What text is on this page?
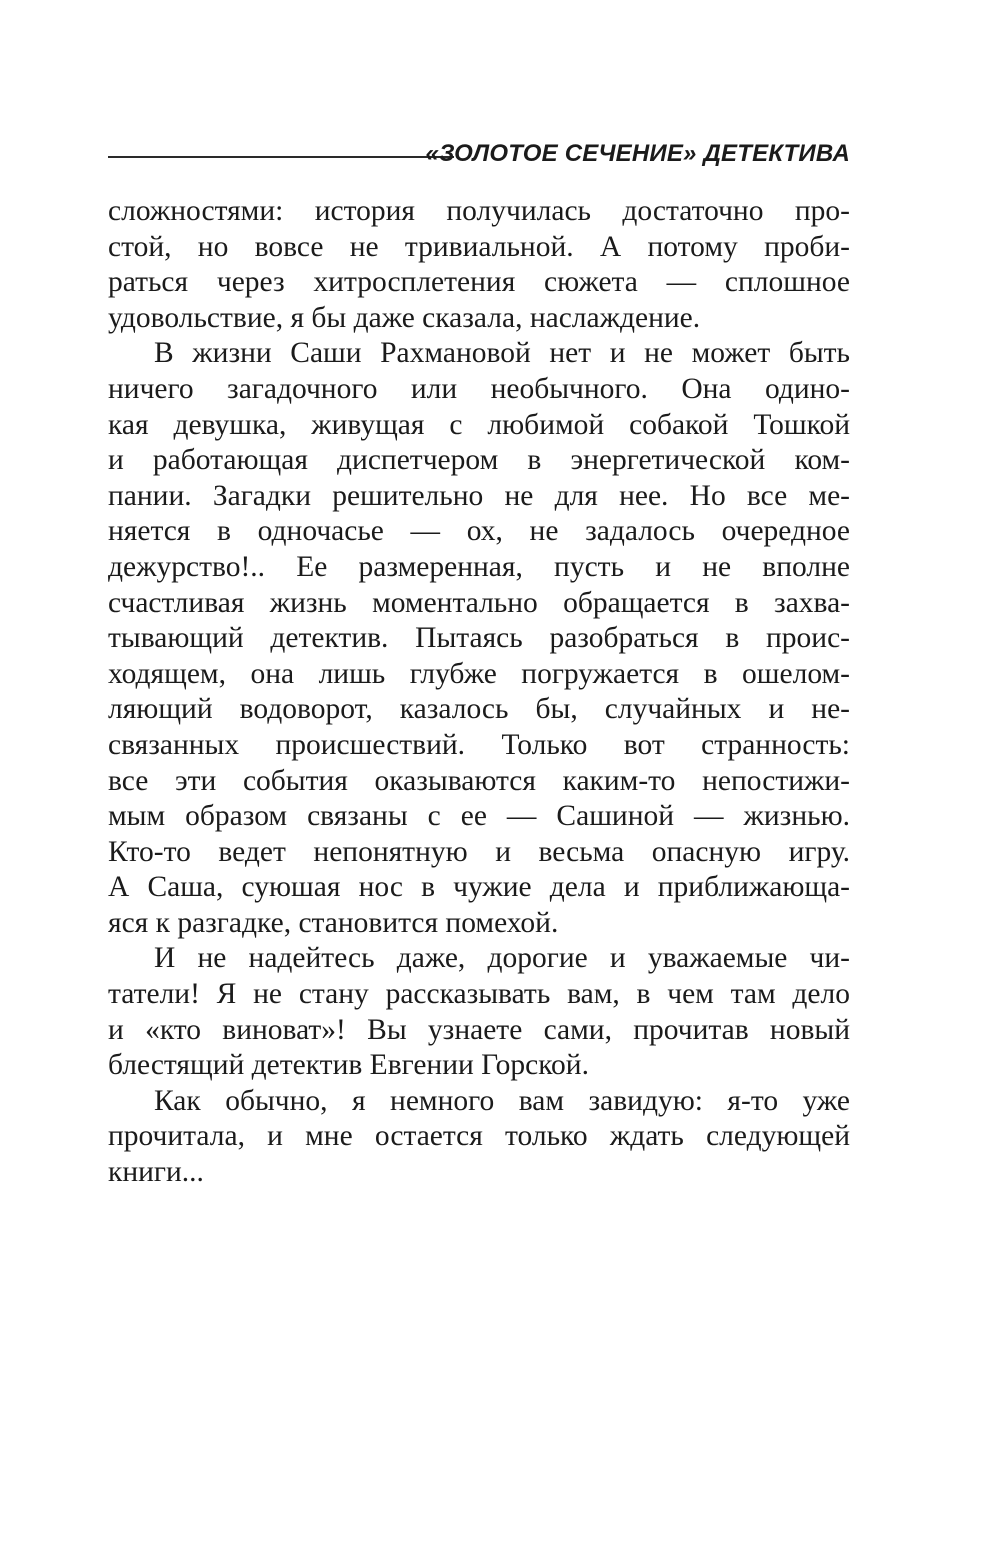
«ЗОЛОТОЕ СЕЧЕНИЕ» ДЕТЕКТИВА
сложностями: история получилась достаточно про-
стой, но вовсе не тривиальной. А потому проби-
раться через хитросплетения сюжета — сплошное
удовольствие, я бы даже сказала, наслаждение.
В жизни Саши Рахмановой нет и не может быть
ничего загадочного или необычного. Она одино-
кая девушка, живущая с любимой собакой Тошкой
и работающая диспетчером в энергетической ком-
пании. Загадки решительно не для нее. Но все ме-
няется в одночасье — ох, не задалось очередное
дежурство!.. Ее размеренная, пусть и не вполне
счастливая жизнь моментально обращается в захва-
тывающий детектив. Пытаясь разобраться в проис-
ходящем, она лишь глубже погружается в ошелом-
ляющий водоворот, казалось бы, случайных и не-
связанных происшествий. Только вот странность:
все эти события оказываются каким-то непостижи-
мым образом связаны с ее — Сашиной — жизнью.
Кто-то ведет непонятную и весьма опасную игру.
А Саша, суюшая нос в чужие дела и приближающа-
яся к разгадке, становится помехой.
И не надейтесь даже, дорогие и уважаемые чи-
татели! Я не стану рассказывать вам, в чем там дело
и «кто виноват»! Вы узнаете сами, прочитав новый
блестящий детектив Евгении Горской.
Как обычно, я немного вам завидую: я-то уже
прочитала, и мне остается только ждать следующей
книги...
